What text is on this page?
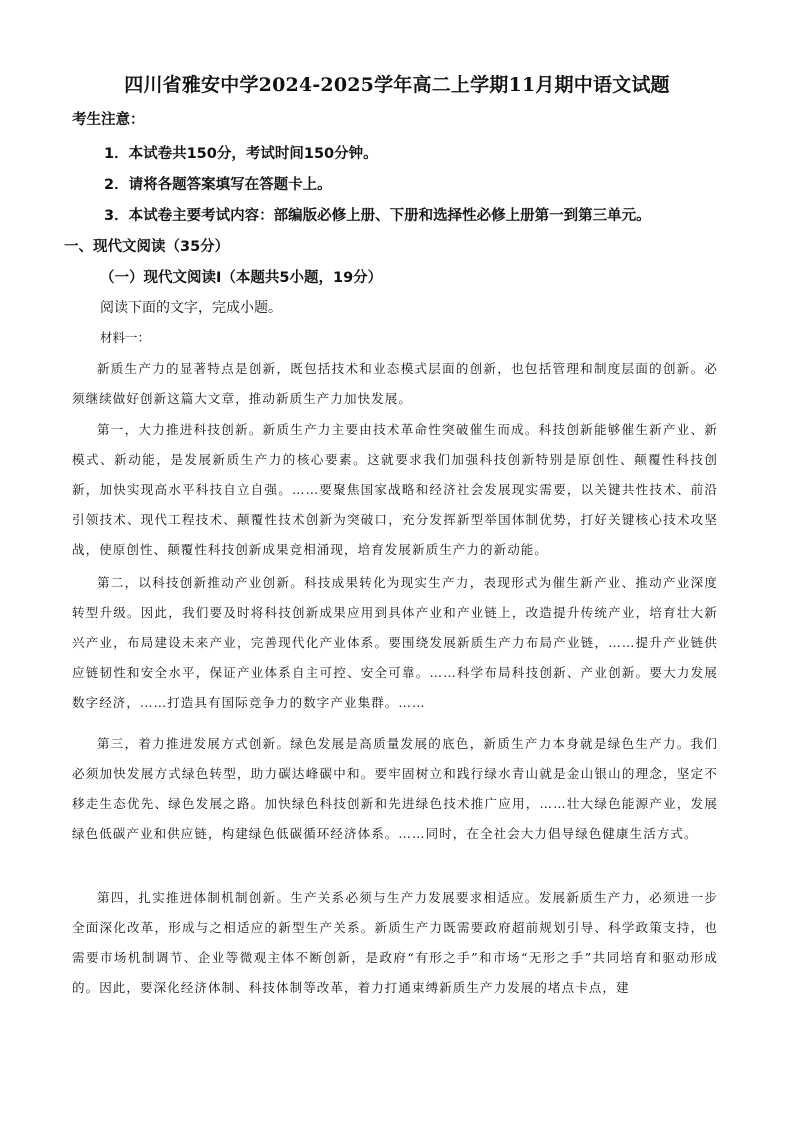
四川省雅安中学2024-2025学年高二上学期11月期中语文试题
考生注意：
1．本试卷共150分，考试时间150分钟。
2．请将各题答案填写在答题卡上。
3．本试卷主要考试内容：部编版必修上册、下册和选择性必修上册第一到第三单元。
一、现代文阅读（35分）
（一）现代文阅读Ⅰ（本题共5小题，19分）
阅读下面的文字，完成小题。
材料一：
新质生产力的显著特点是创新，既包括技术和业态模式层面的创新，也包括管理和制度层面的创新。必须继续做好创新这篇大文章，推动新质生产力加快发展。
第一，大力推进科技创新。新质生产力主要由技术革命性突破催生而成。科技创新能够催生新产业、新模式、新动能，是发展新质生产力的核心要素。这就要求我们加强科技创新特别是原创性、颠覆性科技创新，加快实现高水平科技自立自强。……要聚焦国家战略和经济社会发展现实需要，以关键共性技术、前沿引领技术、现代工程技术、颠覆性技术创新为突破口，充分发挥新型举国体制优势，打好关键核心技术攻坚战，使原创性、颠覆性科技创新成果竞相涌现，培育发展新质生产力的新动能。
第二，以科技创新推动产业创新。科技成果转化为现实生产力，表现形式为催生新产业、推动产业深度转型升级。因此，我们要及时将科技创新成果应用到具体产业和产业链上，改造提升传统产业，培育壮大新兴产业，布局建设未来产业，完善现代化产业体系。要围绕发展新质生产力布局产业链，……提升产业链供应链韧性和安全水平，保证产业体系自主可控、安全可靠。……科学布局科技创新、产业创新。要大力发展数字经济，……打造具有国际竞争力的数字产业集群。……
第三，着力推进发展方式创新。绿色发展是高质量发展的底色，新质生产力本身就是绿色生产力。我们必须加快发展方式绿色转型，助力碳达峰碳中和。要牢固树立和践行绿水青山就是金山银山的理念，坚定不移走生态优先、绿色发展之路。加快绿色科技创新和先进绿色技术推广应用，……壮大绿色能源产业，发展绿色低碳产业和供应链，构建绿色低碳循环经济体系。……同时，在全社会大力倡导绿色健康生活方式。
第四，扎实推进体制机制创新。生产关系必须与生产力发展要求相适应。发展新质生产力，必须进一步全面深化改革，形成与之相适应的新型生产关系。新质生产力既需要政府超前规划引导、科学政策支持，也需要市场机制调节、企业等微观主体不断创新，是政府“有形之手”和市场“无形之手”共同培育和驱动形成的。因此，要深化经济体制、科技体制等改革，着力打通束缚新质生产力发展的堵点卡点，建
